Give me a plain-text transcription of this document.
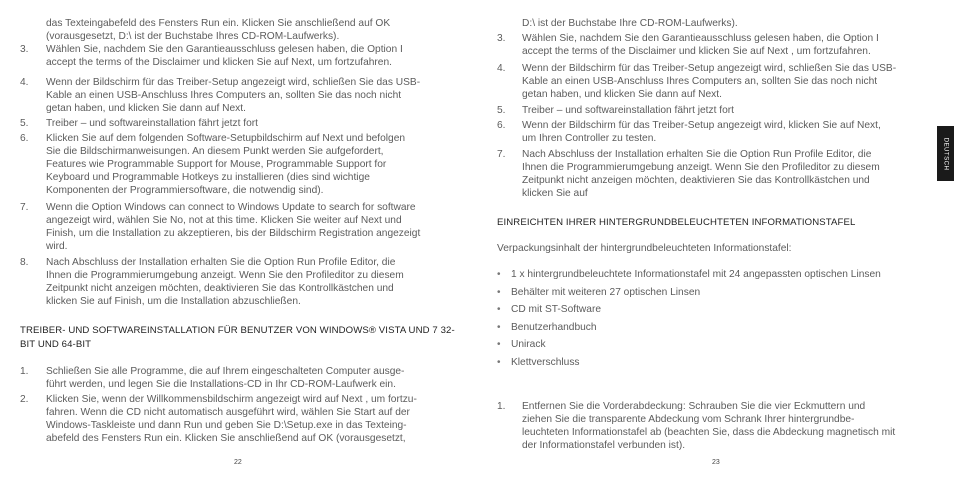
das Texteingabefeld des Fensters Run ein. Klicken Sie anschließend auf OK
(vorausgesetzt, D:\ ist der Buchstabe Ihres CD-ROM-Laufwerks).
3. Wählen Sie, nachdem Sie den Garantieausschluss gelesen haben, die Option I
accept the terms of the Disclaimer und klicken Sie auf Next, um fortzufahren.
4. Wenn der Bildschirm für das Treiber-Setup angezeigt wird, schließen Sie das USB-
Kable an einen USB-Anschluss Ihres Computers an, sollten Sie das noch nicht
getan haben, und klicken Sie dann auf Next.
5. Treiber – und softwareinstallation fährt jetzt fort
6. Klicken Sie auf dem folgenden Software-Setupbildschirm auf Next und befolgen
Sie die Bildschirmanweisungen. An diesem Punkt werden Sie aufgefordert,
Features wie Programmable Support for Mouse, Programmable Support for
Keyboard und Programmable Hotkeys zu installieren (dies sind wichtige
Komponenten der Programmiersoftware, die notwendig sind).
7. Wenn die Option Windows can connect to Windows Update to search for software
angezeigt wird, wählen Sie No, not at this time. Klicken Sie weiter auf Next und
Finish, um die Installation zu akzeptieren, bis der Bildschirm Registration angezeigt
wird.
8. Nach Abschluss der Installation erhalten Sie die Option Run Profile Editor, die
Ihnen die Programmierumgebung anzeigt. Wenn Sie den Profileditor zu diesem
Zeitpunkt nicht anzeigen möchten, deaktivieren Sie das Kontrollkästchen und
klicken Sie auf Finish, um die Installation abzuschließen.
TREIBER- UND SOFTWAREINSTALLATION FÜR BENUTZER VON WINDOWS® VISTA UND 7 32-
BIT UND 64-BIT
1. Schließen Sie alle Programme, die auf Ihrem eingeschalteten Computer ausge-
führt werden, und legen Sie die Installations-CD in Ihr CD-ROM-Laufwerk ein.
2. Klicken Sie, wenn der Willkommensbildschirm angezeigt wird auf Next , um fortzu-
fahren. Wenn die CD nicht automatisch ausgeführt wird, wählen Sie Start auf der
Windows-Taskleiste und dann Run und geben Sie D:\Setup.exe in das Texteing-
abefeld des Fensters Run ein. Klicken Sie anschließend auf OK (vorausgesetzt,
22
D:\ ist der Buchstabe Ihre CD-ROM-Laufwerks).
3. Wählen Sie, nachdem Sie den Garantieausschluss gelesen haben, die Option I
accept the terms of the Disclaimer und klicken Sie auf Next , um fortzufahren.
4. Wenn der Bildschirm für das Treiber-Setup angezeigt wird, schließen Sie das USB-
Kable an einen USB-Anschluss Ihres Computers an, sollten Sie das noch nicht
getan haben, und klicken Sie dann auf Next.
5. Treiber – und softwareinstallation fährt jetzt fort
6. Wenn der Bildschirm für das Treiber-Setup angezeigt wird, klicken Sie auf Next,
um Ihren Controller zu testen.
7. Nach Abschluss der Installation erhalten Sie die Option Run Profile Editor, die
Ihnen die Programmierumgebung anzeigt. Wenn Sie den Profileditor zu diesem
Zeitpunkt nicht anzeigen möchten, deaktivieren Sie das Kontrollkästchen und
klicken Sie auf
EINREICHTEN IHRER HINTERGRUNDBELEUCHTETEN INFORMATIONSTAFEL
Verpackungsinhalt der hintergrundbeleuchteten Informationstafel:
• 1 x hintergrundbeleuchtete Informationstafel mit 24 angepassten optischen Linsen
• Behälter mit weiteren 27 optischen Linsen
• CD mit ST-Software
• Benutzerhandbuch
• Unirack
• Klettverschluss
1. Entfernen Sie die Vorderabdeckung: Schrauben Sie die vier Eckmuttern und
ziehen Sie die transparente Abdeckung vom Schrank Ihrer hintergrundbe-
leuchteten Informationstafel ab (beachten Sie, dass die Abdeckung magnetisch mit
der Informationstafel verbunden ist).
23
DEUTSCH
